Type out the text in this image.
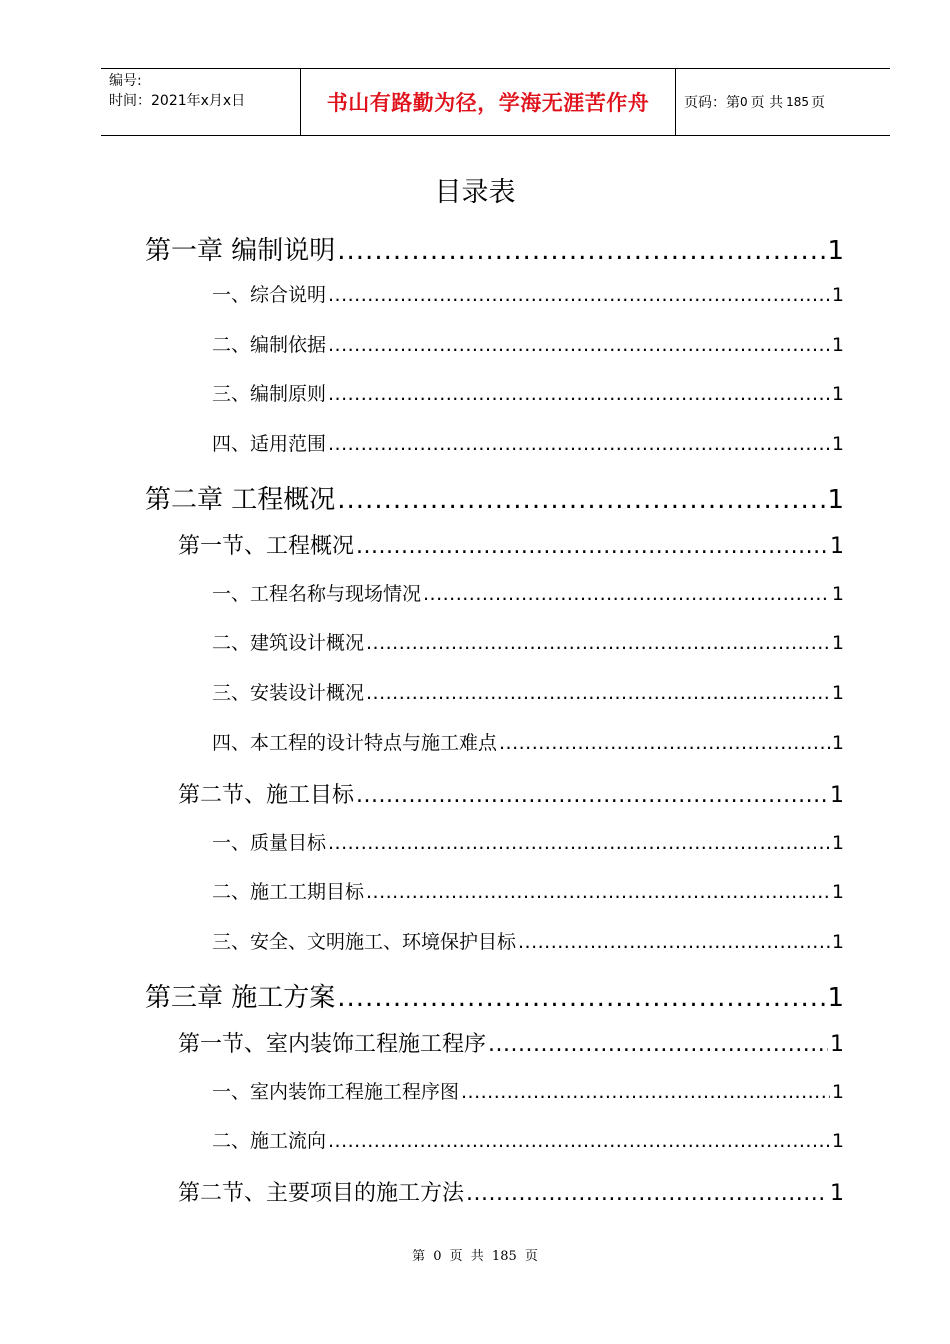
编号:
时间：2021年x月x日	书山有路勤为径，学海无涯苦作舟 页码：第 0 页 共 185 页
目录表
第一章 编制说明 .....	1
一、综合说明 .....	1
二、编制依据 .....	1
三、编制原则 .....	1
四、适用范围 .....	1
第二章 工程概况 .....	1
第一节、工程概况 .....	1
一、工程名称与现场情况 .....	1
二、建筑设计概况 .....	1
三、安装设计概况 .....	1
四、本工程的设计特点与施工难点 .....	1
第二节、施工目标 .....	1
一、质量目标 .....	1
二、施工工期目标 .....	1
三、安全、文明施工、环境保护目标 .....	1
第三章 施工方案 .....	1
第一节、室内装饰工程施工程序 .....	1
一、室内装饰工程施工程序图 .....	1
二、施工流向 .....	1
第二节、主要项目的施工方法 .....	1
第 0 页 共 185 页
